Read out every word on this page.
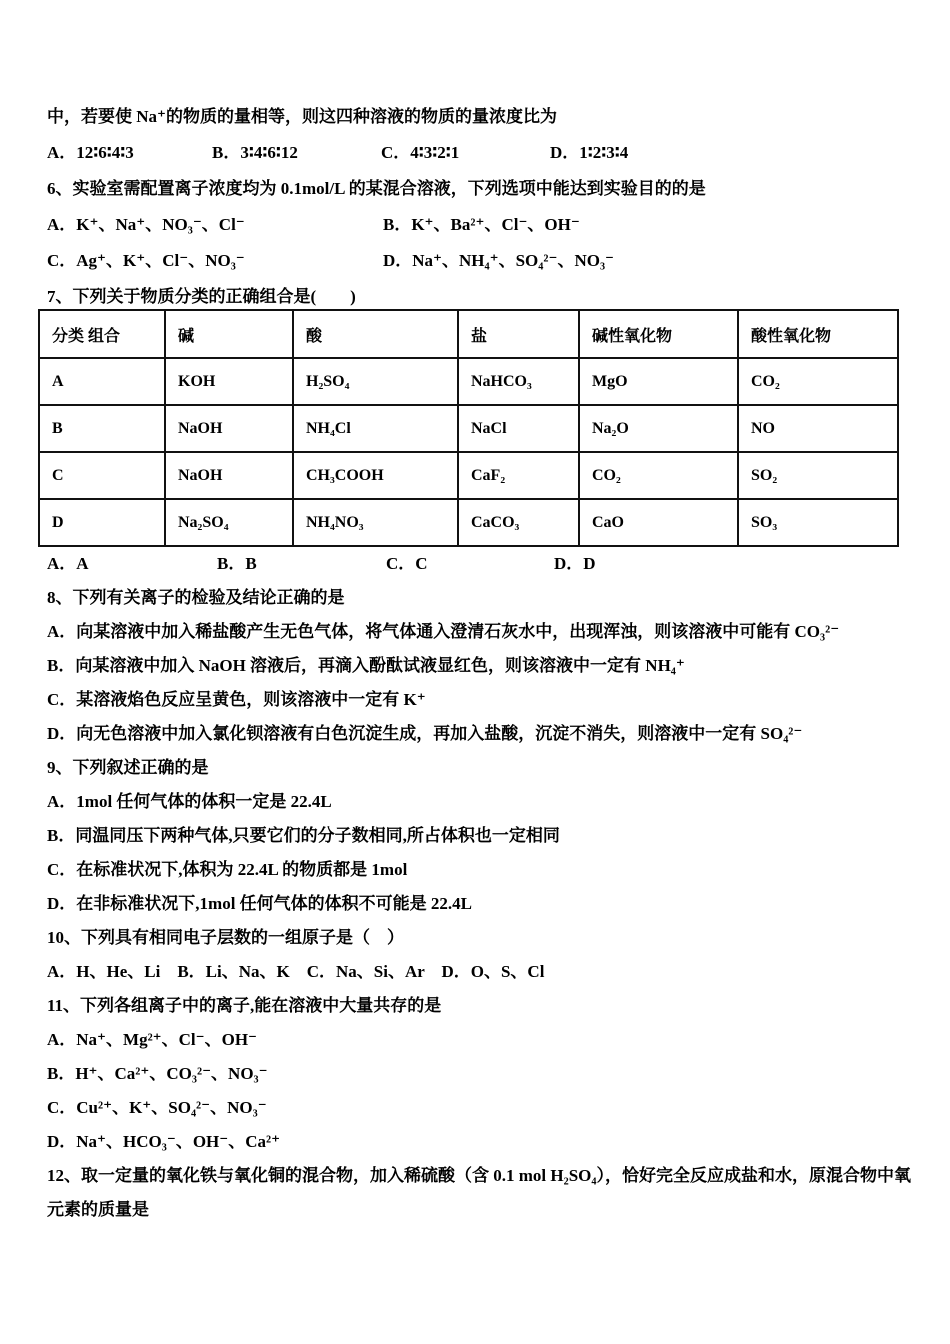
中，若要使 Na⁺的物质的量相等，则这四种溶液的物质的量浓度比为

A．12∶6∶4∶3	B．3∶4∶6∶12	C．4∶3∶2∶1	D．1∶2∶3∶4

6、实验室需配置离子浓度均为 0.1mol/L 的某混合溶液，下列选项中能达到实验目的的是

A．K⁺、Na⁺、NO₃⁻、Cl⁻	B．K⁺、Ba²⁺、Cl⁻、OH⁻
C．Ag⁺、K⁺、Cl⁻、NO₃⁻	D．Na⁺、NH₄⁺、SO₄²⁻、NO₃⁻

7、下列关于物质分类的正确组合是(　　)

分类 组合	碱	酸	盐	碱性氧化物	酸性氧化物
A	KOH	H₂SO₄	NaHCO₃	MgO	CO₂
B	NaOH	NH₄Cl	NaCl	Na₂O	NO
C	NaOH	CH₃COOH	CaF₂	CO₂	SO₂
D	Na₂SO₄	NH₄NO₃	CaCO₃	CaO	SO₃
A．A	B．B	C．C	D．D

8、下列有关离子的检验及结论正确的是

A．向某溶液中加入稀盐酸产生无色气体，将气体通入澄清石灰水中，出现浑浊，则该溶液中可能有 CO₃²⁻

B．向某溶液中加入 NaOH 溶液后，再滴入酚酞试液显红色，则该溶液中一定有 NH₄⁺

C．某溶液焰色反应呈黄色，则该溶液中一定有 K⁺

D．向无色溶液中加入氯化钡溶液有白色沉淀生成，再加入盐酸，沉淀不消失，则溶液中一定有 SO₄²⁻

9、下列叙述正确的是

A．1mol 任何气体的体积一定是 22.4L

B．同温同压下两种气体,只要它们的分子数相同,所占体积也一定相同

C．在标准状况下,体积为 22.4L 的物质都是 1mol

D．在非标准状况下,1mol 任何气体的体积不可能是 22.4L

10、下列具有相同电子层数的一组原子是（　）

A．H、He、Li　B．Li、Na、K　C．Na、Si、Ar　D．O、S、Cl

11、下列各组离子中的离子,能在溶液中大量共存的是

A．Na⁺、Mg²⁺、Cl⁻、OH⁻

B．H⁺、Ca²⁺、CO₃²⁻、NO₃⁻

C．Cu²⁺、K⁺、SO₄²⁻、NO₃⁻

D．Na⁺、HCO₃⁻、OH⁻、Ca²⁺

12、取一定量的氧化铁与氧化铜的混合物，加入稀硫酸（含 0.1 mol H₂SO₄），恰好完全反应成盐和水，原混合物中氧

元素的质量是
